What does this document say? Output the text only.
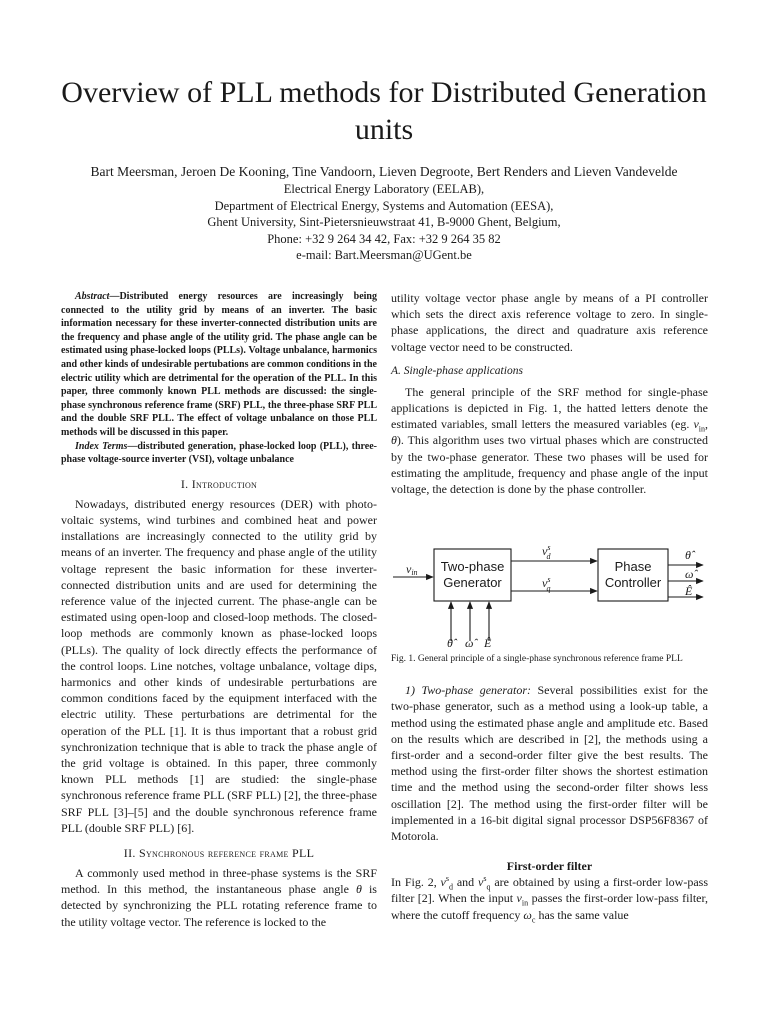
Overview of PLL methods for Distributed Generation units

Bart Meersman, Jeroen De Kooning, Tine Vandoorn, Lieven Degroote, Bert Renders and Lieven Vandevelde

Electrical Energy Laboratory (EELAB),

Department of Electrical Energy, Systems and Automation (EESA),

Ghent University, Sint-Pietersnieuwstraat 41, B-9000 Ghent, Belgium,

Phone: +32 9 264 34 42, Fax: +32 9 264 35 82

e-mail: Bart.Meersman@UGent.be

Abstract—Distributed energy resources are increasingly being connected to the utility grid by means of an inverter. The basic information necessary for these inverter-connected distribution units are the frequency and phase angle of the utility grid. The phase angle can be estimated using phase-locked loops (PLLs). Voltage unbalance, harmonics and other kinds of undesirable pertubations are common conditions in the electric utility which are detrimental for the operation of the PLL. In this paper, three commonly known PLL methods are discussed: the single-phase synchronous reference frame (SRF) PLL, the three-phase SRF PLL and the double SRF PLL. The effect of voltage unbalance on those PLL methods will be discussed in this paper.

Index Terms—distributed generation, phase-locked loop (PLL), three-phase voltage-source inverter (VSI), voltage unbalance

I. Introduction

Nowadays, distributed energy resources (DER) with photo-voltaic systems, wind turbines and combined heat and power installations are increasingly connected to the utility grid by means of an inverter. The frequency and phase angle of the utility voltage represent the basic information for these inverter-connected distribution units and are used for determining the reference value of the injected current. The phase-angle can be estimated using open-loop and closed-loop methods. The closed-loop methods are commonly known as phase-locked loops (PLLs). The quality of lock directly effects the performance of the control loops. Line notches, voltage unbalance, voltage dips, harmonics and other kinds of undesirable perturbations are common conditions faced by the equipment interfaced with the electric utility. These perturbations are detrimental for the operation of the PLL [1]. It is thus important that a robust grid synchronization technique that is able to track the phase angle of the grid voltage is obtained. In this paper, three commonly known PLL methods [1] are studied: the single-phase synchronous reference frame PLL (SRF PLL) [2], the three-phase SRF PLL [3]–[5] and the double synchronous reference frame PLL (double SRF PLL) [6].

II. Synchronous reference frame PLL

A commonly used method in three-phase systems is the SRF method. In this method, the instantaneous phase angle θ is detected by synchronizing the PLL rotating reference frame to the utility voltage vector. The reference is locked to the

utility voltage vector phase angle by means of a PI controller which sets the direct axis reference voltage to zero. In single-phase applications, the direct and quadrature axis reference voltage vector need to be constructed.

A. Single-phase applications

The general principle of the SRF method for single-phase applications is depicted in Fig. 1, the hatted letters denote the estimated variables, small letters the measured variables (eg. $v_{in}$, θ). This algorithm uses two virtual phases which are constructed by the two-phase generator. These two phases will be used for estimating the amplitude, frequency and phase angle of the input voltage, the detection is done by the phase controller.

Two-phase
Generator
Phase
Controller
vin
$v^s$ d
$v^s$ q
θ̂
ω̂
Ê
θ̂	ω̂ Ê

Fig. 1. General principle of a single-phase synchronous reference frame PLL

1) Two-phase generator: Several possibilities exist for the two-phase generator, such as a method using a look-up table, a method using the estimated phase angle and amplitude etc. Based on the results which are described in [2], the methods using a first-order and a second-order filter give the best results. The method using the first-order filter shows the shortest estimation time and the method using the second-order filter shows less oscillation [2]. The method using the first-order filter will be implemented in a 16-bit digital signal processor DSP56F8367 of Motorola.

First-order filter

In Fig. 2, $v^s_d$ and $v^s_q$ are obtained by using a first-order low-pass filter [2]. When the input $v_{in}$ passes the first-order low-pass filter, where the cutoff frequency $\omega_c$ has the same value
